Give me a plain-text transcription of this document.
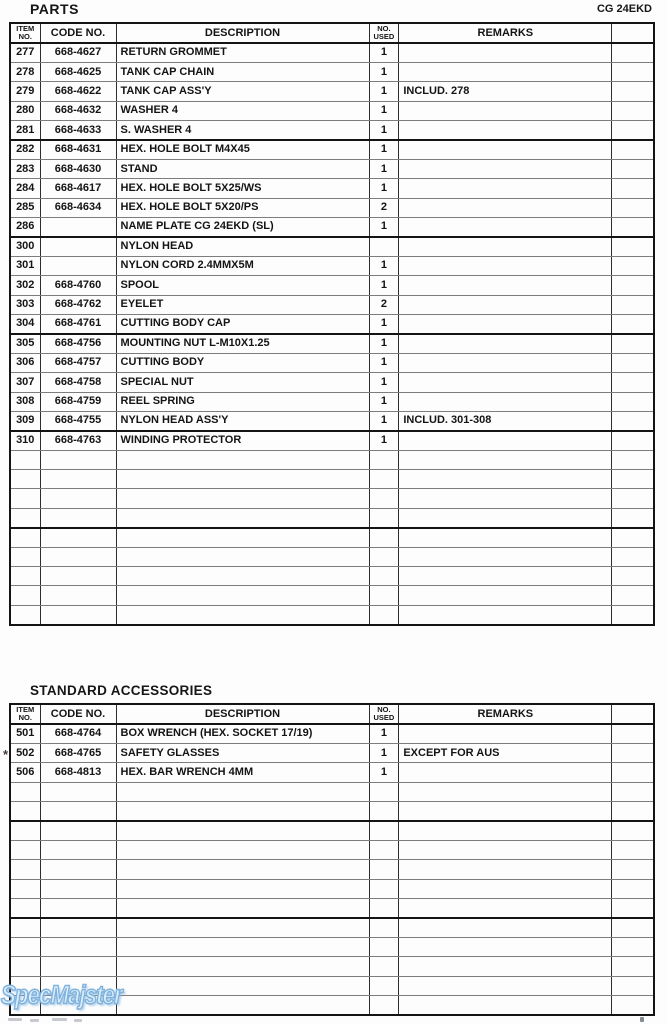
PARTS	CG 24EKD
ITEM
NO.	CODE NO.	DESCRIPTION	NO.
USED	REMARKS	
277	668-4627	RETURN GROMMET	1		
278	668-4625	TANK CAP CHAIN	1		
279	668-4622	TANK CAP ASS'Y	1	INCLUD. 278	
280	668-4632	WASHER 4	1		
281	668-4633	S. WASHER 4	1		
282	668-4631	HEX. HOLE BOLT M4X45	1		
283	668-4630	STAND	1		
284	668-4617	HEX. HOLE BOLT 5X25/WS	1		
285	668-4634	HEX. HOLE BOLT 5X20/PS	2		
286		NAME PLATE CG 24EKD (SL)	1		
300		NYLON HEAD			
301		NYLON CORD 2.4MMX5M	1		
302	668-4760	SPOOL	1		
303	668-4762	EYELET	2		
304	668-4761	CUTTING BODY CAP	1		
305	668-4756	MOUNTING NUT L-M10X1.25	1		
306	668-4757	CUTTING BODY	1		
307	668-4758	SPECIAL NUT	1		
308	668-4759	REEL SPRING	1		
309	668-4755	NYLON HEAD ASS'Y	1	INCLUD. 301-308	
310	668-4763	WINDING PROTECTOR	1		

STANDARD ACCESSORIES
*
ITEM
NO.	CODE NO.	DESCRIPTION	NO.
USED	REMARKS	
501	668-4764	BOX WRENCH (HEX. SOCKET 17/19)	1		
502	668-4765	SAFETY GLASSES	1	EXCEPT FOR AUS	
506	668-4813	HEX. BAR WRENCH 4MM	1		

SpecMajster
